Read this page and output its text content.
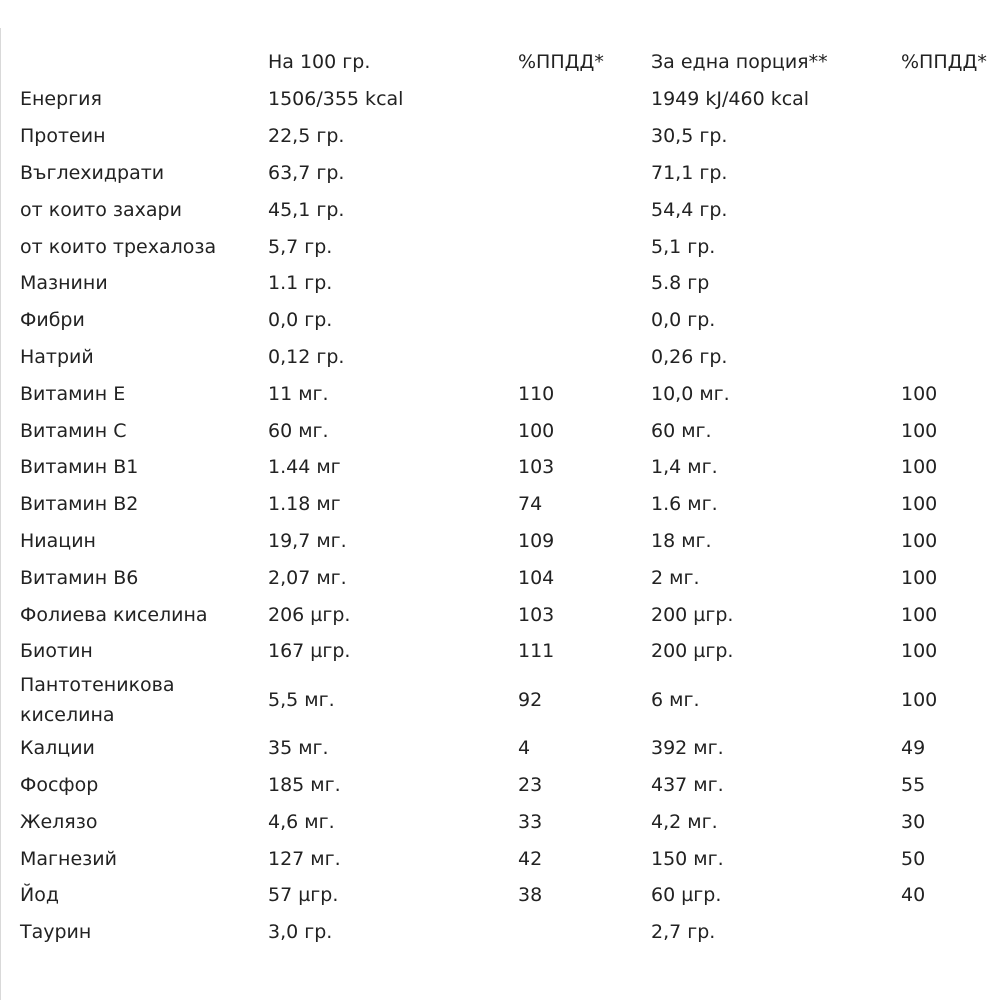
	На 100 гр.	%ППДД*	За една порция**	%ППДД*
Енергия	1506/355 kcal		1949 kJ/460 kcal	
Протеин	22,5 гр.		30,5 гр.	
Въглехидрати	63,7 гр.		71,1 гр.	
от които захари	45,1 гр.		54,4 гр.	
от които трехалоза	5,7 гр.		5,1 гр.	
Мазнини	1.1 гр.		5.8 гр	
Фибри	0,0 гр.		0,0 гр.	
Натрий	0,12 гр.		0,26 гр.	
Витамин Е	11 мг.	110	10,0 мг.	100
Витамин С	60 мг.	100	60 мг.	100
Витамин В1	1.44 мг	103	1,4 мг.	100
Витамин В2	1.18 мг	74	1.6 мг.	100
Ниацин	19,7 мг.	109	18 мг.	100
Витамин В6	2,07 мг.	104	2 мг.	100
Фолиева киселина	206 µгр.	103	200 µгр.	100
Биотин	167 µгр.	111	200 µгр.	100
Пантотеникова киселина	5,5 мг.	92	6 мг.	100
Калции	35 мг.	4	392 мг.	49
Фосфор	185 мг.	23	437 мг.	55
Желязо	4,6 мг.	33	4,2 мг.	30
Магнезий	127 мг.	42	150 мг.	50
Йод	57 µгр.	38	60 µгр.	40
Таурин	3,0 гр.		2,7 гр.	
